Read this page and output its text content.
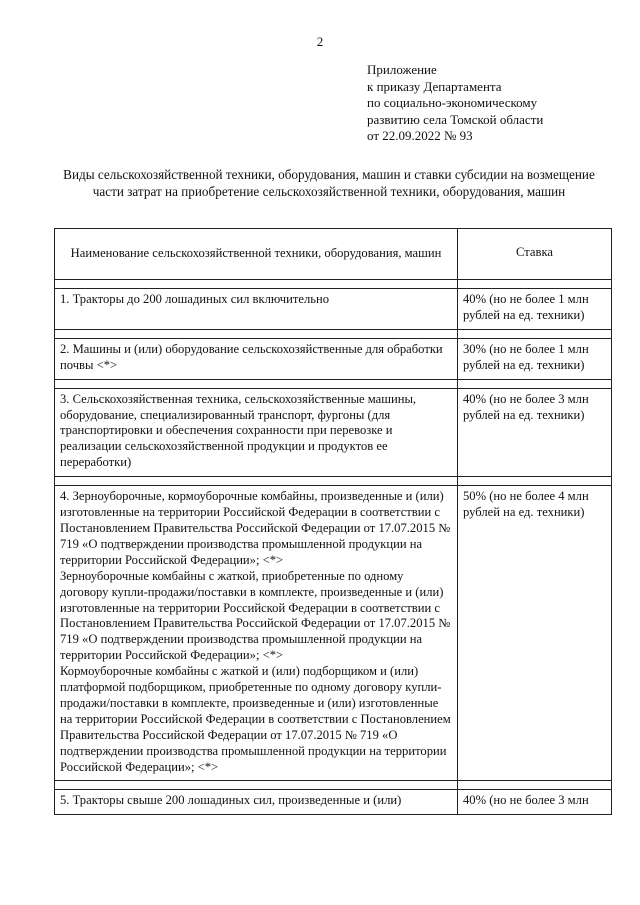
2
Приложение
к приказу Департамента
по социально-экономическому
развитию села Томской области
от 22.09.2022 № 93
Виды сельскохозяйственной техники, оборудования, машин и ставки субсидии на возмещение части затрат на приобретение сельскохозяйственной техники, оборудования, машин
Наименование сельскохозяйственной техники, оборудования, машин	Ставка

1. Тракторы до 200 лошадиных сил включительно	40% (но не более 1 млн рублей на ед. техники)

2. Машины и (или) оборудование сельскохозяйственные для обработки почвы <*>	30% (но не более 1 млн рублей на ед. техники)

3. Сельскохозяйственная техника, сельскохозяйственные машины, оборудование, специализированный транспорт, фургоны (для транспортировки и обеспечения сохранности при перевозке и реализации сельскохозяйственной продукции и продуктов ее переработки)	40% (но не более 3 млн рублей на ед. техники)

4. Зерноуборочные, кормоуборочные комбайны, произведенные и (или) изготовленные на территории Российской Федерации в соответствии с Постановлением Правительства Российской Федерации от 17.07.2015 № 719 «О подтверждении производства промышленной продукции на территории Российской Федерации»; <*>
Зерноуборочные комбайны с жаткой, приобретенные по одному договору купли-продажи/поставки в комплекте, произведенные и (или) изготовленные на территории Российской Федерации в соответствии с Постановлением Правительства Российской Федерации от 17.07.2015 № 719 «О подтверждении производства промышленной продукции на территории Российской Федерации»; <*>
Кормоуборочные комбайны с жаткой и (или) подборщиком и (или) платформой подборщиком, приобретенные по одному договору купли-продажи/поставки в комплекте, произведенные и (или) изготовленные на территории Российской Федерации в соответствии с Постановлением Правительства Российской Федерации от 17.07.2015 № 719 «О подтверждении производства промышленной продукции на территории Российской Федерации»; <*>	50% (но не более 4 млн рублей на ед. техники)

5. Тракторы свыше 200 лошадиных сил, произведенные и (или)	40% (но не более 3 млн
